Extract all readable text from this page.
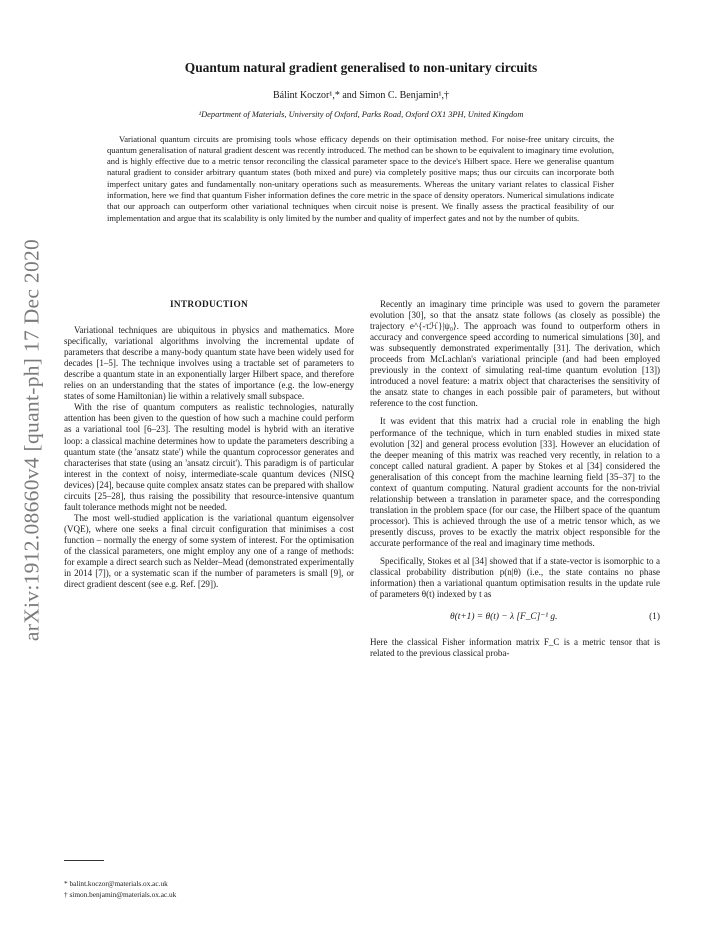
arXiv:1912.08660v4 [quant-ph] 17 Dec 2020
Quantum natural gradient generalised to non-unitary circuits
Bálint Koczor¹,* and Simon C. Benjamin¹,†
¹Department of Materials, University of Oxford, Parks Road, Oxford OX1 3PH, United Kingdom

Variational quantum circuits are promising tools whose efficacy depends on their optimisation method. For noise-free unitary circuits, the quantum generalisation of natural gradient descent was recently introduced. The method can be shown to be equivalent to imaginary time evolution, and is highly effective due to a metric tensor reconciling the classical parameter space to the device's Hilbert space. Here we generalise quantum natural gradient to consider arbitrary quantum states (both mixed and pure) via completely positive maps; thus our circuits can incorporate both imperfect unitary gates and fundamentally non-unitary operations such as measurements. Whereas the unitary variant relates to classical Fisher information, here we find that quantum Fisher information defines the core metric in the space of density operators. Numerical simulations indicate that our approach can outperform other variational techniques when circuit noise is present. We finally assess the practical feasibility of our implementation and argue that its scalability is only limited by the number and quality of imperfect gates and not by the number of qubits.

INTRODUCTION

Variational techniques are ubiquitous in physics and mathematics. More specifically, variational algorithms involving the incremental update of parameters that describe a many-body quantum state have been widely used for decades [1–5]. The technique involves using a tractable set of parameters to describe a quantum state in an exponentially larger Hilbert space, and therefore relies on an understanding that the states of importance (e.g. the low-energy states of some Hamiltonian) lie within a relatively small subspace.

With the rise of quantum computers as realistic technologies, naturally attention has been given to the question of how such a machine could perform as a variational tool [6–23]. The resulting model is hybrid with an iterative loop: a classical machine determines how to update the parameters describing a quantum state (the 'ansatz state') while the quantum coprocessor generates and characterises that state (using an 'ansatz circuit'). This paradigm is of particular interest in the context of noisy, intermediate-scale quantum devices (NISQ devices) [24], because quite complex ansatz states can be prepared with shallow circuits [25–28], thus raising the possibility that resource-intensive quantum fault tolerance methods might not be needed.

The most well-studied application is the variational quantum eigensolver (VQE), where one seeks a final circuit configuration that minimises a cost function – normally the energy of some system of interest. For the optimisation of the classical parameters, one might employ any one of a range of methods: for example a direct search such as Nelder–Mead (demonstrated experimentally in 2014 [7]), or a systematic scan if the number of parameters is small [9], or direct gradient descent (see e.g. Ref. [29]).

Recently an imaginary time principle was used to govern the parameter evolution [30], so that the ansatz state follows (as closely as possible) the trajectory e^{-τℋ}|ψ₀⟩. The approach was found to outperform others in accuracy and convergence speed according to numerical simulations [30], and was subsequently demonstrated experimentally [31]. The derivation, which proceeds from McLachlan's variational principle (and had been employed previously in the context of simulating real-time quantum evolution [13]) introduced a novel feature: a matrix object that characterises the sensitivity of the ansatz state to changes in each possible pair of parameters, but without reference to the cost function.

It was evident that this matrix had a crucial role in enabling the high performance of the technique, which in turn enabled studies in mixed state evolution [32] and general process evolution [33]. However an elucidation of the deeper meaning of this matrix was reached very recently, in relation to a concept called natural gradient. A paper by Stokes et al [34] considered the generalisation of this concept from the machine learning field [35–37] to the context of quantum computing. Natural gradient accounts for the non-trivial relationship between a translation in parameter space, and the corresponding translation in the problem space (for our case, the Hilbert space of the quantum processor). This is achieved through the use of a metric tensor which, as we presently discuss, proves to be exactly the matrix object responsible for the accurate performance of the real and imaginary time methods.

Specifically, Stokes et al [34] showed that if a state-vector is isomorphic to a classical probability distribution p(n|θ) (i.e., the state contains no phase information) then a variational quantum optimisation results in the update rule of parameters θ(t) indexed by t as

θ(t+1) = θ(t) − λ [F_C]⁻¹ g.	(1)

Here the classical Fisher information matrix F_C is a metric tensor that is related to the previous classical proba-

* balint.koczor@materials.ox.ac.uk
† simon.benjamin@materials.ox.ac.uk
